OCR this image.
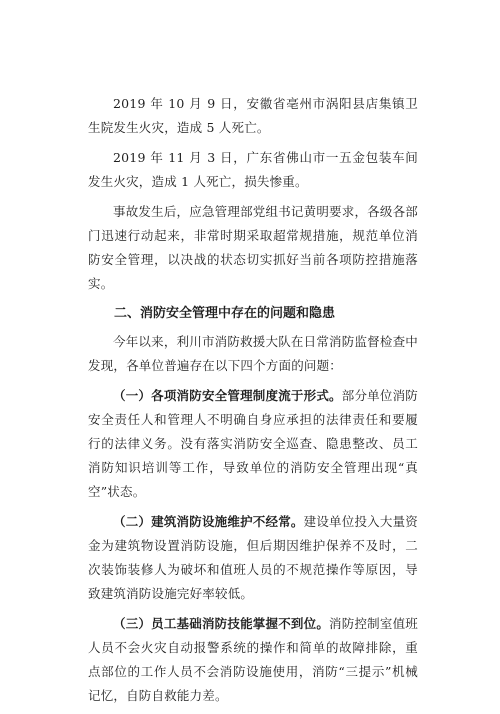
2019 年 10 月 9 日，安徽省亳州市涡阳县店集镇卫生院发生火灾，造成 5 人死亡。

2019 年 11 月 3 日，广东省佛山市一五金包装车间发生火灾，造成 1 人死亡，损失惨重。

事故发生后，应急管理部党组书记黄明要求，各级各部门迅速行动起来，非常时期采取超常规措施，规范单位消防安全管理，以决战的状态切实抓好当前各项防控措施落实。

二、消防安全管理中存在的问题和隐患

今年以来，利川市消防救援大队在日常消防监督检查中发现，各单位普遍存在以下四个方面的问题：

（一）各项消防安全管理制度流于形式。部分单位消防安全责任人和管理人不明确自身应承担的法律责任和要履行的法律义务。没有落实消防安全巡查、隐患整改、员工消防知识培训等工作，导致单位的消防安全管理出现“真空”状态。

（二）建筑消防设施维护不经常。建设单位投入大量资金为建筑物设置消防设施，但后期因维护保养不及时，二次装饰装修人为破坏和值班人员的不规范操作等原因，导致建筑消防设施完好率较低。

（三）员工基础消防技能掌握不到位。消防控制室值班人员不会火灾自动报警系统的操作和简单的故障排除，重点部位的工作人员不会消防设施使用，消防“三提示”机械记忆，自防自救能力差。
